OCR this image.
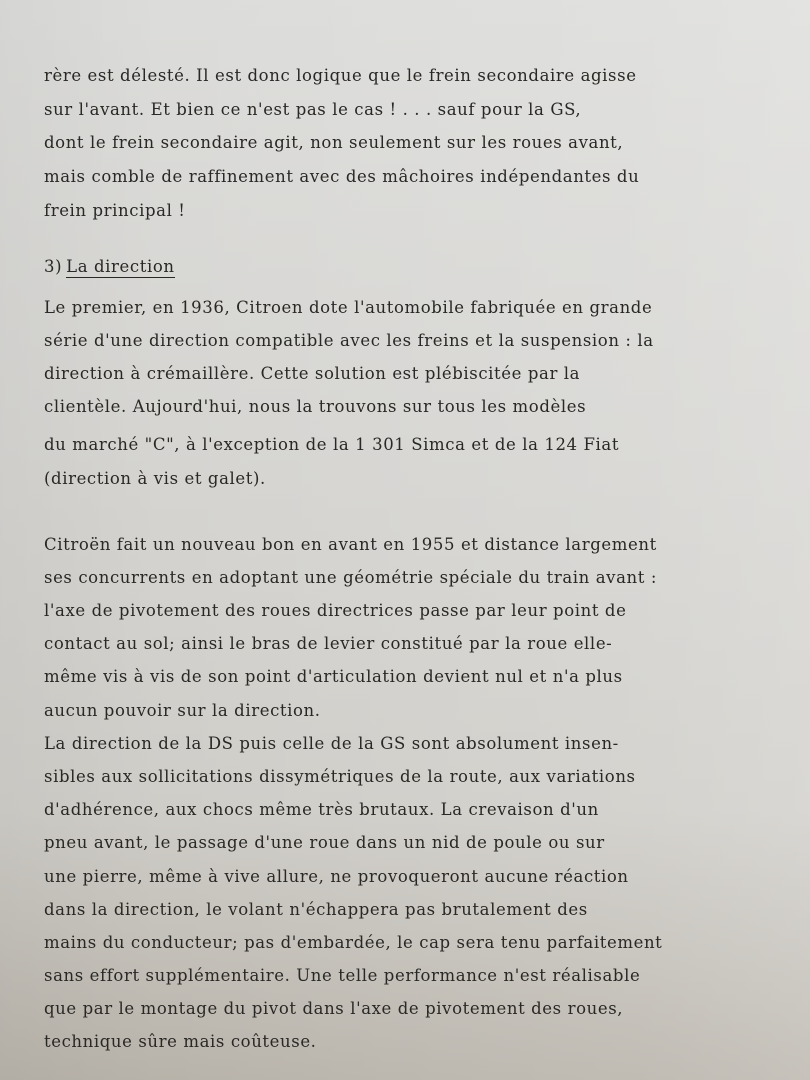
rère est délesté. Il est donc logique que le frein secondaire agisse
sur l'avant. Et bien ce n'est pas le cas ! . . . sauf pour la GS,
dont le frein secondaire agit, non seulement sur les roues avant,
mais comble de raffinement avec des mâchoires indépendantes du
frein principal !
3) La direction
Le premier, en 1936, Citroen dote l'automobile fabriquée en grande
série d'une direction compatible avec les freins et la suspension : la
direction à crémaillère. Cette solution est plébiscitée par la
clientèle. Aujourd'hui, nous la trouvons sur tous les modèles
du marché "C", à l'exception de la 1 301 Simca et de la 124 Fiat
(direction à vis et galet).
Citroën fait un nouveau bon en avant en 1955 et distance largement
ses concurrents en adoptant une géométrie spéciale du train avant :
l'axe de pivotement des roues directrices passe par leur point de
contact au sol; ainsi le bras de levier constitué par la roue elle-
même vis à vis de son point d'articulation devient nul et n'a plus
aucun pouvoir sur la direction.
La direction de la DS puis celle de la GS sont absolument insen-
sibles aux sollicitations dissymétriques de la route, aux variations
d'adhérence, aux chocs même très brutaux. La crevaison d'un
pneu avant, le passage d'une roue dans un nid de poule ou sur
une pierre, même à vive allure, ne provoqueront aucune réaction
dans la direction, le volant n'échappera pas brutalement des
mains du conducteur; pas d'embardée, le cap sera tenu parfaitement
sans effort supplémentaire. Une telle performance n'est réalisable
que par le montage du pivot dans l'axe de pivotement des roues,
technique sûre mais coûteuse.
